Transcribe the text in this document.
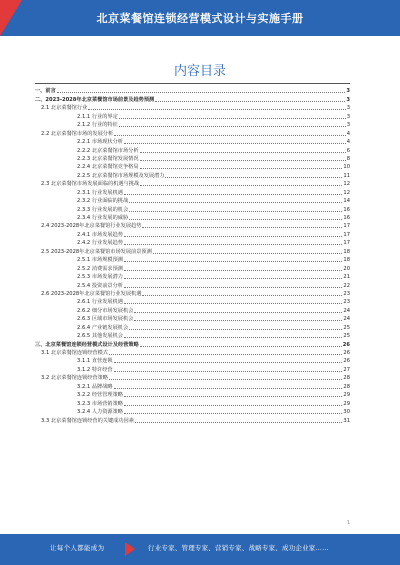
北京菜餐馆连锁经营模式设计与实施手册
内容目录
一、前言	3
二、2023-2028年北京菜餐馆市场前景及趋势预测	3
2.1 北京菜餐馆行业	3
2.1.1 行业的界定	3
2.1.2 行业的特征	3
2.2 北京菜餐馆市场的发展分析	4
2.2.1 市场现状分析	4
2.2.2 北京菜餐馆市场分析	6
2.2.3 北京菜餐馆发展情况	8
2.2.4 北京菜餐馆竞争格局	10
2.2.5 北京菜餐馆市场规模及发展潜力	11
2.3 北京菜餐馆市场发展面临的机遇与挑战	12
2.3.1 行业发展机遇	12
2.3.2 行业面临的挑战	14
2.3.3 行业发展的机会	16
2.3.4 行业发展的威胁	16
2.4 2023-2028年北京菜餐馆行业发展趋势	17
2.4.1 市场发展趋势	17
2.4.2 行业发展趋势	17
2.5 2023-2028年北京菜餐馆市场发展前景预测	18
2.5.1 市场规模预测	18
2.5.2 消费需求预测	20
2.5.3 市场发展潜力	21
2.5.4 投资前景分析	22
2.6 2023-2028年北京菜餐馆行业发展机遇	23
2.6.1 行业发展机遇	23
2.6.2 细分市场发展机会	24
2.6.3 区域市场发展机会	24
2.6.4 产业链发展机会	25
2.6.5 其他发展机会	25
三、北京菜餐馆连锁经营模式设计及经营策略	26
3.1 北京菜餐馆连锁经营模式	26
3.1.1 直营连锁	26
3.1.2 特许经营	27
3.2 北京菜餐馆连锁经营策略	28
3.2.1 品牌战略	28
3.2.2 经营管理策略	29
3.2.3 市场营销策略	29
3.2.4 人力资源策略	30
3.3 北京菜餐馆连锁经营的关键成功因素	31
1
让每个人都能成为	行业专家、管理专家、营销专家、战略专家、成功企业家……
